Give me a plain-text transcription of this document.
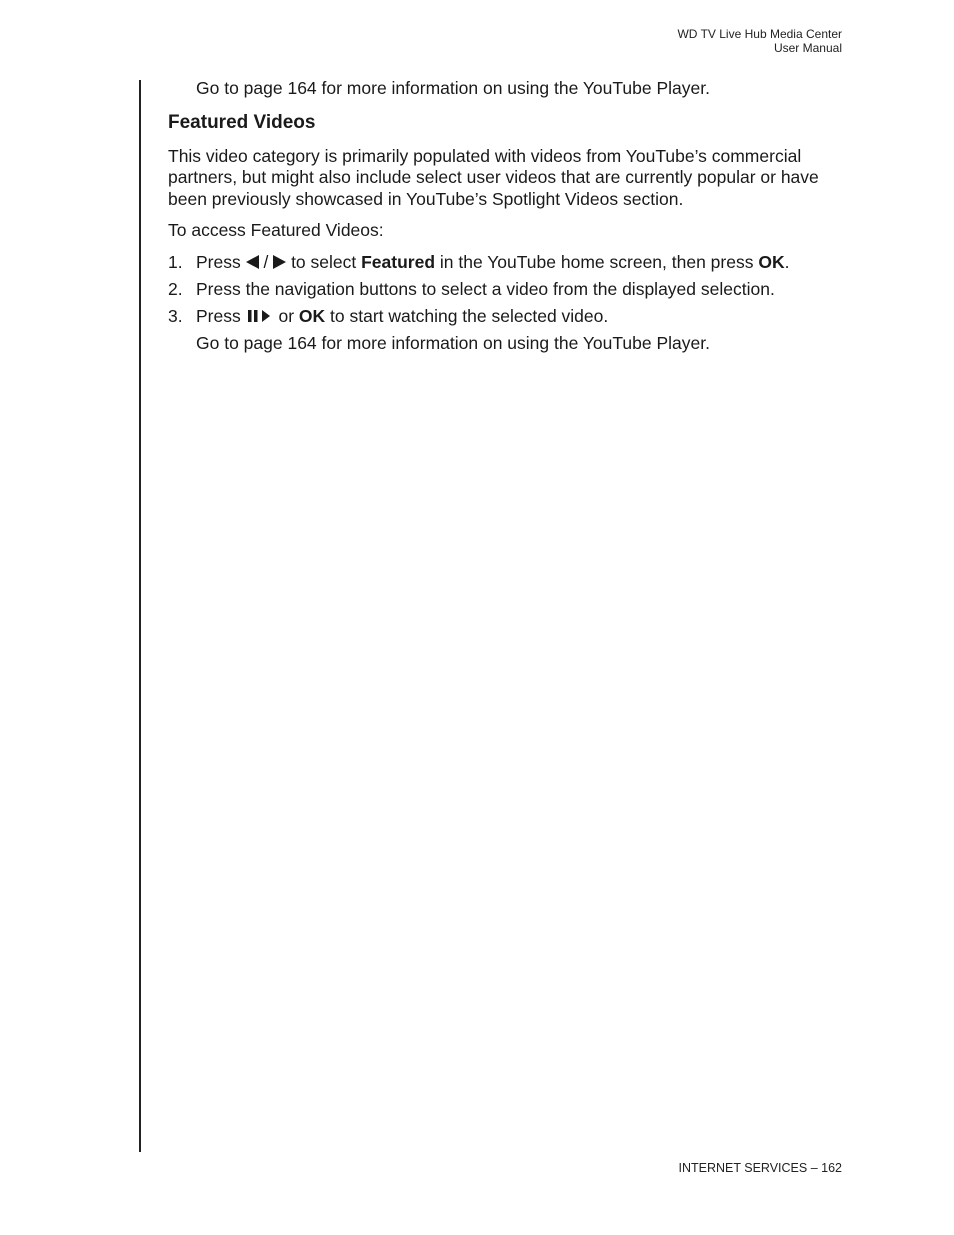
WD TV Live Hub Media Center
User Manual

Go to page 164 for more information on using the YouTube Player.

Featured Videos

This video category is primarily populated with videos from YouTube’s commercial partners, but might also include select user videos that are currently popular or have been previously showcased in YouTube’s Spotlight Videos section.

To access Featured Videos:

1. Press  /  to select Featured in the YouTube home screen, then press OK.
2. Press the navigation buttons to select a video from the displayed selection.
3. Press  or OK to start watching the selected video.

Go to page 164 for more information on using the YouTube Player.

INTERNET SERVICES – 162
